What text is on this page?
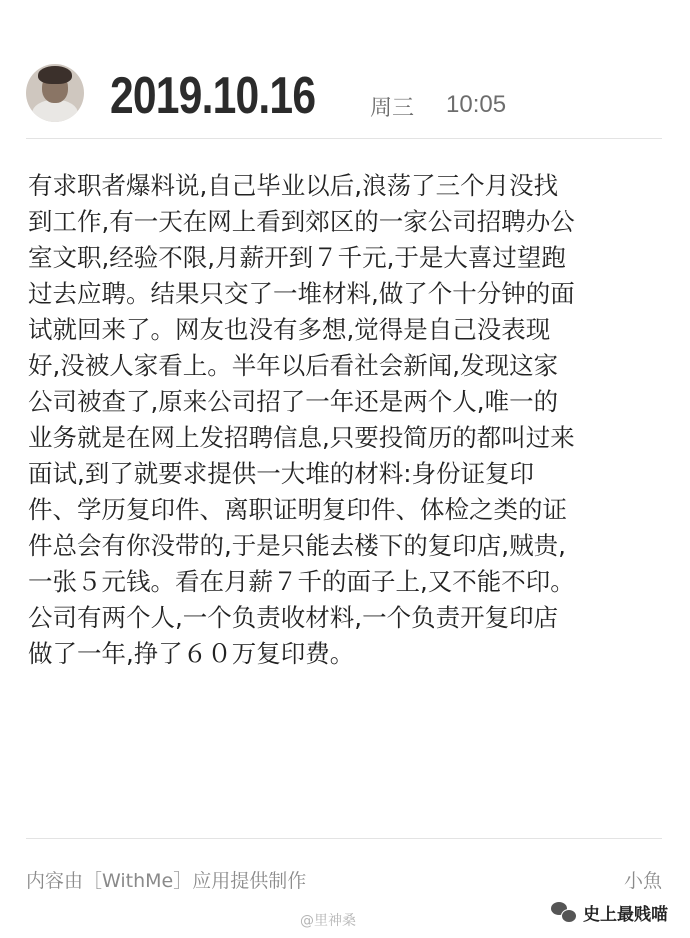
2019.10.16 周三 10:05
有求职者爆料说,自己毕业以后,浪荡了三个月没找
到工作,有一天在网上看到郊区的一家公司招聘办公
室文职,经验不限,月薪开到７千元,于是大喜过望跑
过去应聘。结果只交了一堆材料,做了个十分钟的面
试就回来了。网友也没有多想,觉得是自己没表现
好,没被人家看上。半年以后看社会新闻,发现这家
公司被查了,原来公司招了一年还是两个人,唯一的
业务就是在网上发招聘信息,只要投简历的都叫过来
面试,到了就要求提供一大堆的材料:身份证复印
件、学历复印件、离职证明复印件、体检之类的证
件总会有你没带的,于是只能去楼下的复印店,贼贵,
一张５元钱。看在月薪７千的面子上,又不能不印。
公司有两个人,一个负责收材料,一个负责开复印店
做了一年,挣了６０万复印费。
内容由［WithMe］应用提供制作	小魚
@里神桑	史上最贱喵
